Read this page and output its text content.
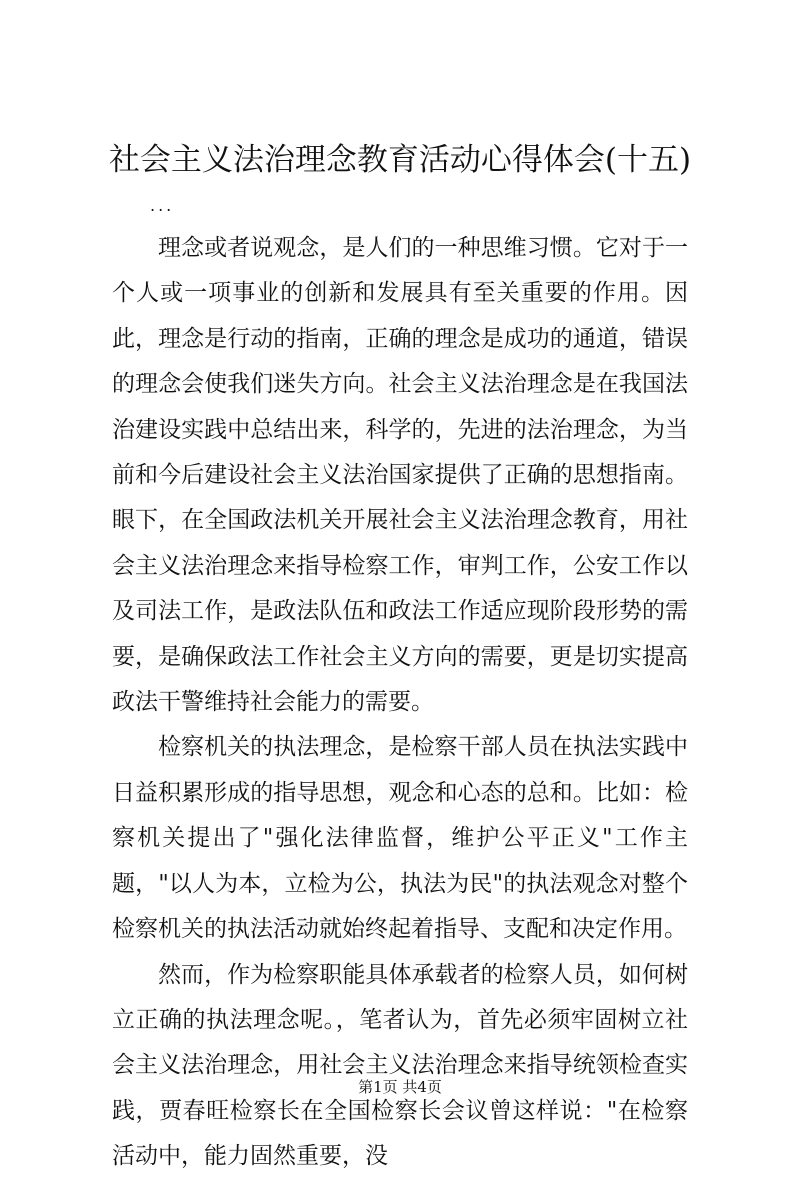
社会主义法治理念教育活动心得体会(十五)
...

理念或者说观念，是人们的一种思维习惯。它对于一个人或一项事业的创新和发展具有至关重要的作用。因此，理念是行动的指南，正确的理念是成功的通道，错误的理念会使我们迷失方向。社会主义法治理念是在我国法治建设实践中总结出来，科学的，先进的法治理念，为当前和今后建设社会主义法治国家提供了正确的思想指南。眼下，在全国政法机关开展社会主义法治理念教育，用社会主义法治理念来指导检察工作，审判工作，公安工作以及司法工作，是政法队伍和政法工作适应现阶段形势的需要，是确保政法工作社会主义方向的需要，更是切实提高政法干警维持社会能力的需要。

检察机关的执法理念，是检察干部人员在执法实践中日益积累形成的指导思想，观念和心态的总和。比如：检察机关提出了"强化法律监督，维护公平正义"工作主题，"以人为本，立检为公，执法为民"的执法观念对整个检察机关的执法活动就始终起着指导、支配和决定作用。

然而，作为检察职能具体承载者的检察人员，如何树立正确的执法理念呢。，笔者认为，首先必须牢固树立社会主义法治理念，用社会主义法治理念来指导统领检查实践，贾春旺检察长在全国检察长会议曾这样说："在检察活动中，能力固然重要，没

第1页 共4页
